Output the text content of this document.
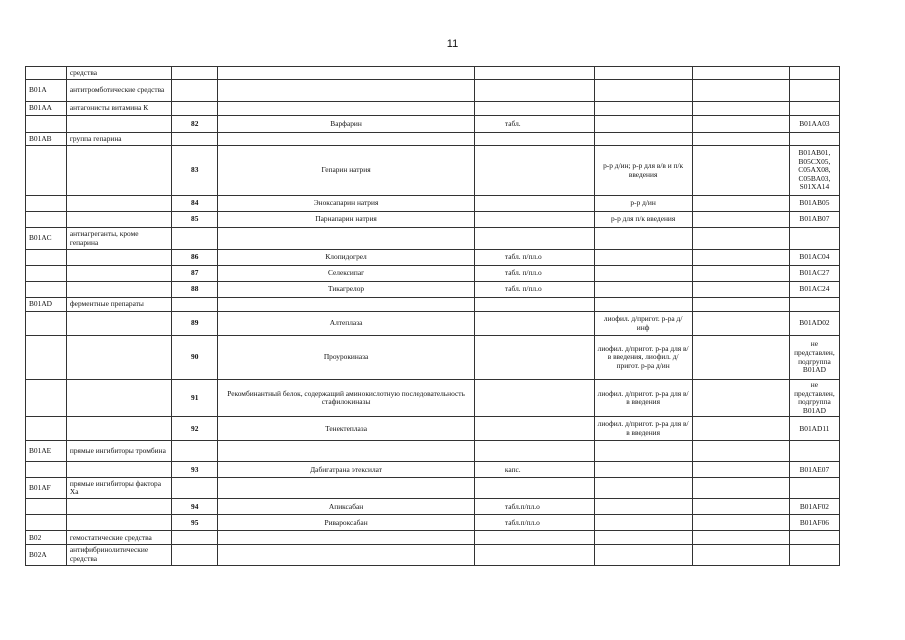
11
	средства						
B01A	антитромботические средства						
B01AA	антагонисты витамина К						
		82	Варфарин	табл.			B01AA03
B01AB	группа гепарина						
		83	Гепарин натрия		р-р д/ин; р-р для в/в и п/к введения		B01AB01, B05CX05, C05AX08, C05BA03, S01XA14
		84	Эноксапарин натрия		р-р д/ин		B01AB05
		85	Парнапарин натрия		р-р для п/к введения		B01AB07
B01AC	антиагреганты, кроме гепарина						
		86	Клопидогрел	табл. п/пл.о			B01AC04
		87	Селексипаг	табл. п/пл.о			B01AC27
		88	Тикагрелор	табл. п/пл.о			B01AC24
B01AD	ферментные препараты						
		89	Алтеплаза		лиофил. д/пригот. р-ра д/инф		B01AD02
		90	Проурокиназа		лиофил. д/пригот. р-ра для в/в введения, лиофил. д/пригот. р-ра д/ин		не представлен, подгруппа B01AD
		91	Рекомбинантный белок, содержащий аминокислотную последовательность стафилокиназы		лиофил. д/пригот. р-ра для в/в введения		не представлен, подгруппа B01AD
		92	Тенектеплаза		лиофил. д/пригот. р-ра для в/в введения		B01AD11
B01AE	прямые ингибиторы тромбина						
		93	Дабигатрана этексилат	капс.			B01AE07
B01AF	прямые ингибиторы фактора Xa						
		94	Апиксабан	табл.п/пл.о			B01AF02
		95	Ривароксабан	табл.п/пл.о			B01AF06
B02	гемостатические средства						
B02A	антифибринолитические средства						
